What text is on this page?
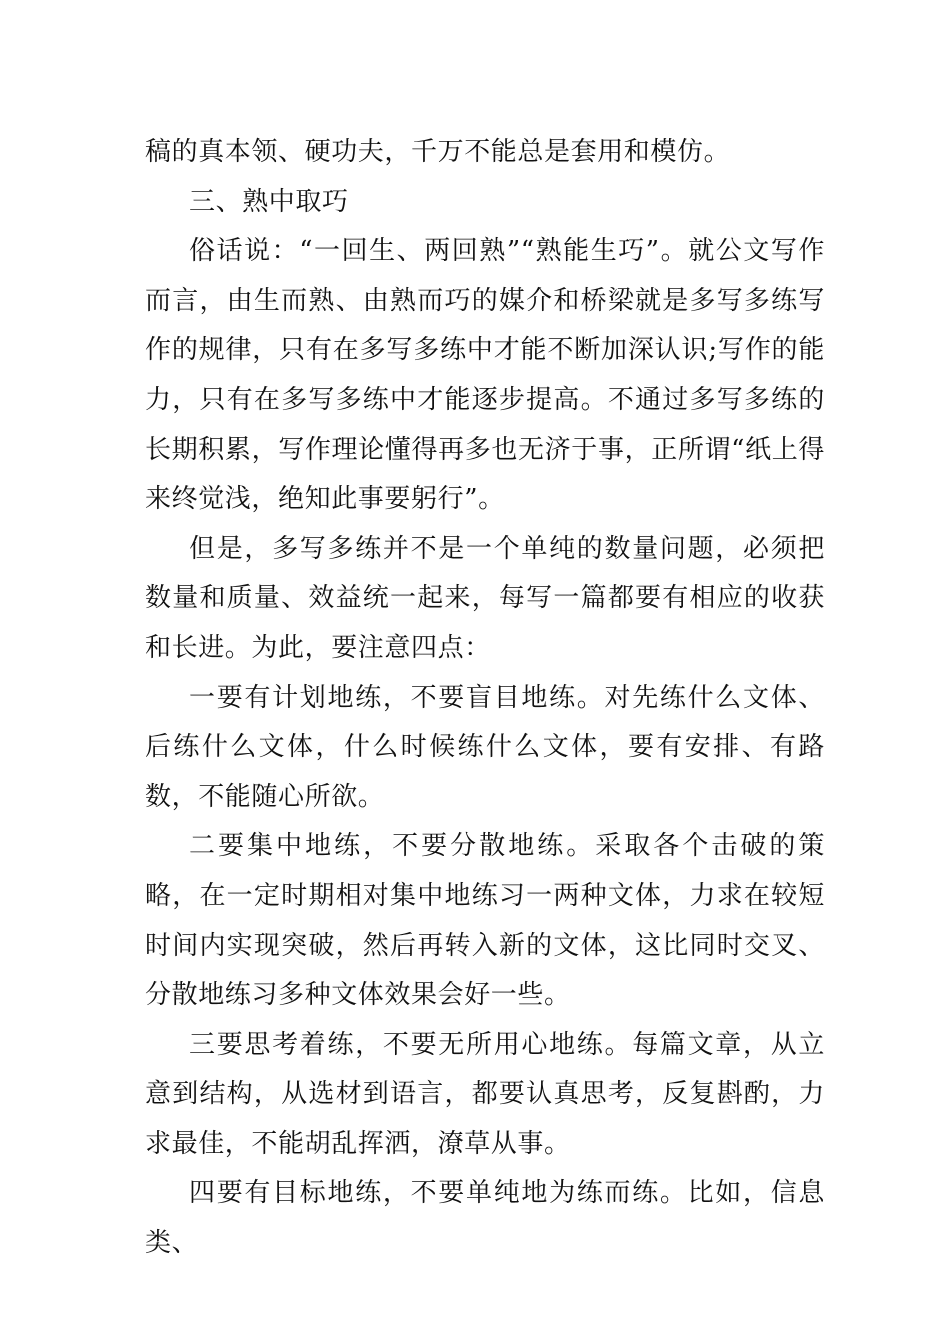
稿的真本领、硬功夫，千万不能总是套用和模仿。

三、熟中取巧

俗话说：“一回生、两回熟”“熟能生巧”。就公文写作而言，由生而熟、由熟而巧的媒介和桥梁就是多写多练写作的规律，只有在多写多练中才能不断加深认识;写作的能力，只有在多写多练中才能逐步提高。不通过多写多练的长期积累，写作理论懂得再多也无济于事，正所谓“纸上得来终觉浅，绝知此事要躬行”。

但是，多写多练并不是一个单纯的数量问题，必须把数量和质量、效益统一起来，每写一篇都要有相应的收获和长进。为此，要注意四点：

一要有计划地练，不要盲目地练。对先练什么文体、后练什么文体，什么时候练什么文体，要有安排、有路数，不能随心所欲。

二要集中地练，不要分散地练。采取各个击破的策略，在一定时期相对集中地练习一两种文体，力求在较短时间内实现突破，然后再转入新的文体，这比同时交叉、分散地练习多种文体效果会好一些。

三要思考着练，不要无所用心地练。每篇文章，从立意到结构，从选材到语言，都要认真思考，反复斟酌，力求最佳，不能胡乱挥洒，潦草从事。

四要有目标地练，不要单纯地为练而练。比如，信息类、
